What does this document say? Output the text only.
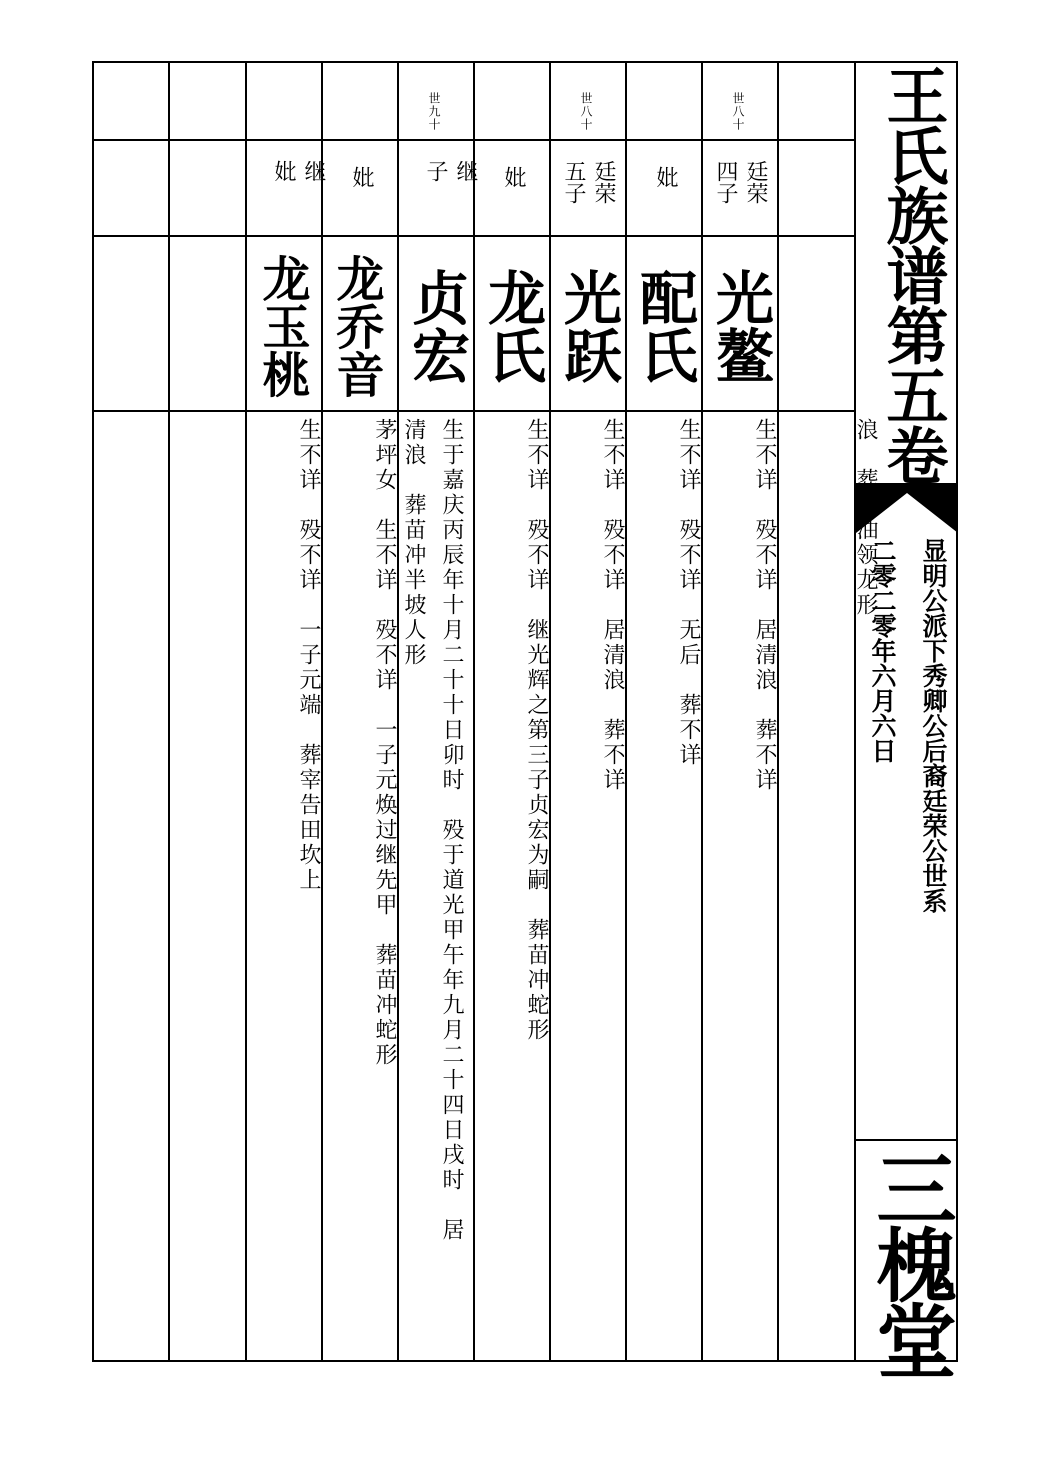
王氏族谱第五卷
显明公派下秀卿公后裔廷荣公世系
二零二零年六月六日
三槐堂
浪　葬桐油领龙形
世八十
廷荣
四子
光鳌
生不详　殁不详　居清浪　葬不详
妣
配氏
生不详　殁不详　无后　葬不详
世八十
廷荣
五子
光跃
生不详　殁不详　居清浪　葬不详
妣
龙氏
生不详　殁不详　继光辉之第三子贞宏为嗣　葬苗冲蛇形
世九十
继
子
贞宏
生于嘉庆丙辰年十月二十十日卯时　殁于道光甲午年九月二十四日戌时　居
清浪　葬苗冲半坡人形
妣
龙乔音
茅坪女　生不详　殁不详　一子元焕过继先甲　葬苗冲蛇形
继
妣
龙玉桃
生不详　殁不详　一子元端　葬宰告田坎上
